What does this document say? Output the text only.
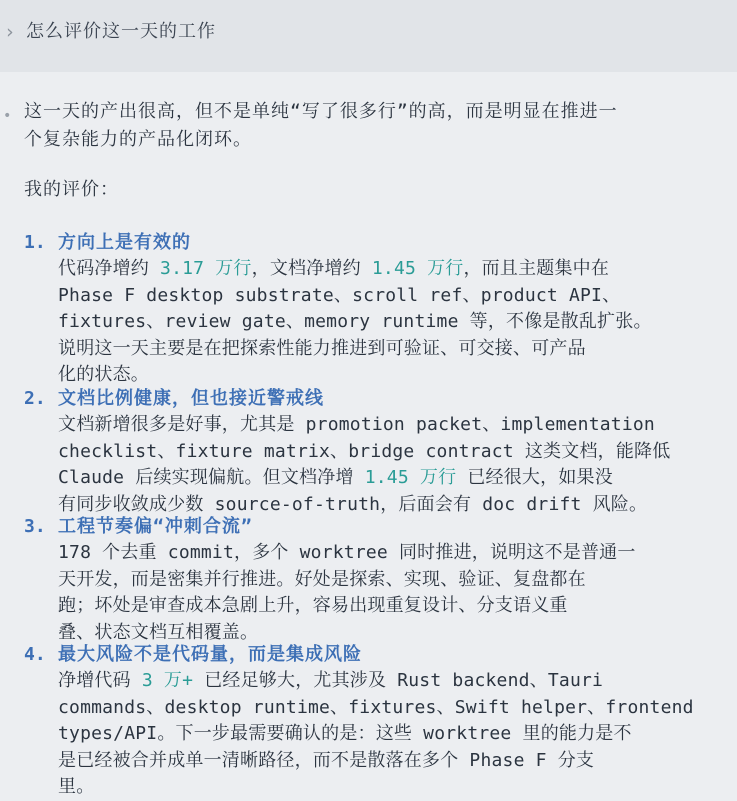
› 怎么评价这一天的工作
• 这一天的产出很高，但不是单纯“写了很多行”的高，而是明显在推进一
个复杂能力的产品化闭环。
我的评价：
1. 方向上是有效的
代码净增约 3.17 万行，文档净增约 1.45 万行，而且主题集中在
Phase F desktop substrate、scroll ref、product API、
fixtures、review gate、memory runtime 等，不像是散乱扩张。
说明这一天主要是在把探索性能力推进到可验证、可交接、可产品
化的状态。
2. 文档比例健康，但也接近警戒线
文档新增很多是好事，尤其是 promotion packet、implementation
checklist、fixture matrix、bridge contract 这类文档，能降低
Claude 后续实现偏航。但文档净增 1.45 万行 已经很大，如果没
有同步收敛成少数 source-of-truth，后面会有 doc drift 风险。
3. 工程节奏偏“冲刺合流”
178 个去重 commit，多个 worktree 同时推进，说明这不是普通一
天开发，而是密集并行推进。好处是探索、实现、验证、复盘都在
跑；坏处是审查成本急剧上升，容易出现重复设计、分支语义重
叠、状态文档互相覆盖。
4. 最大风险不是代码量，而是集成风险
净增代码 3 万+ 已经足够大，尤其涉及 Rust backend、Tauri
commands、desktop runtime、fixtures、Swift helper、frontend
types/API。下一步最需要确认的是：这些 worktree 里的能力是不
是已经被合并成单一清晰路径，而不是散落在多个 Phase F 分支
里。
